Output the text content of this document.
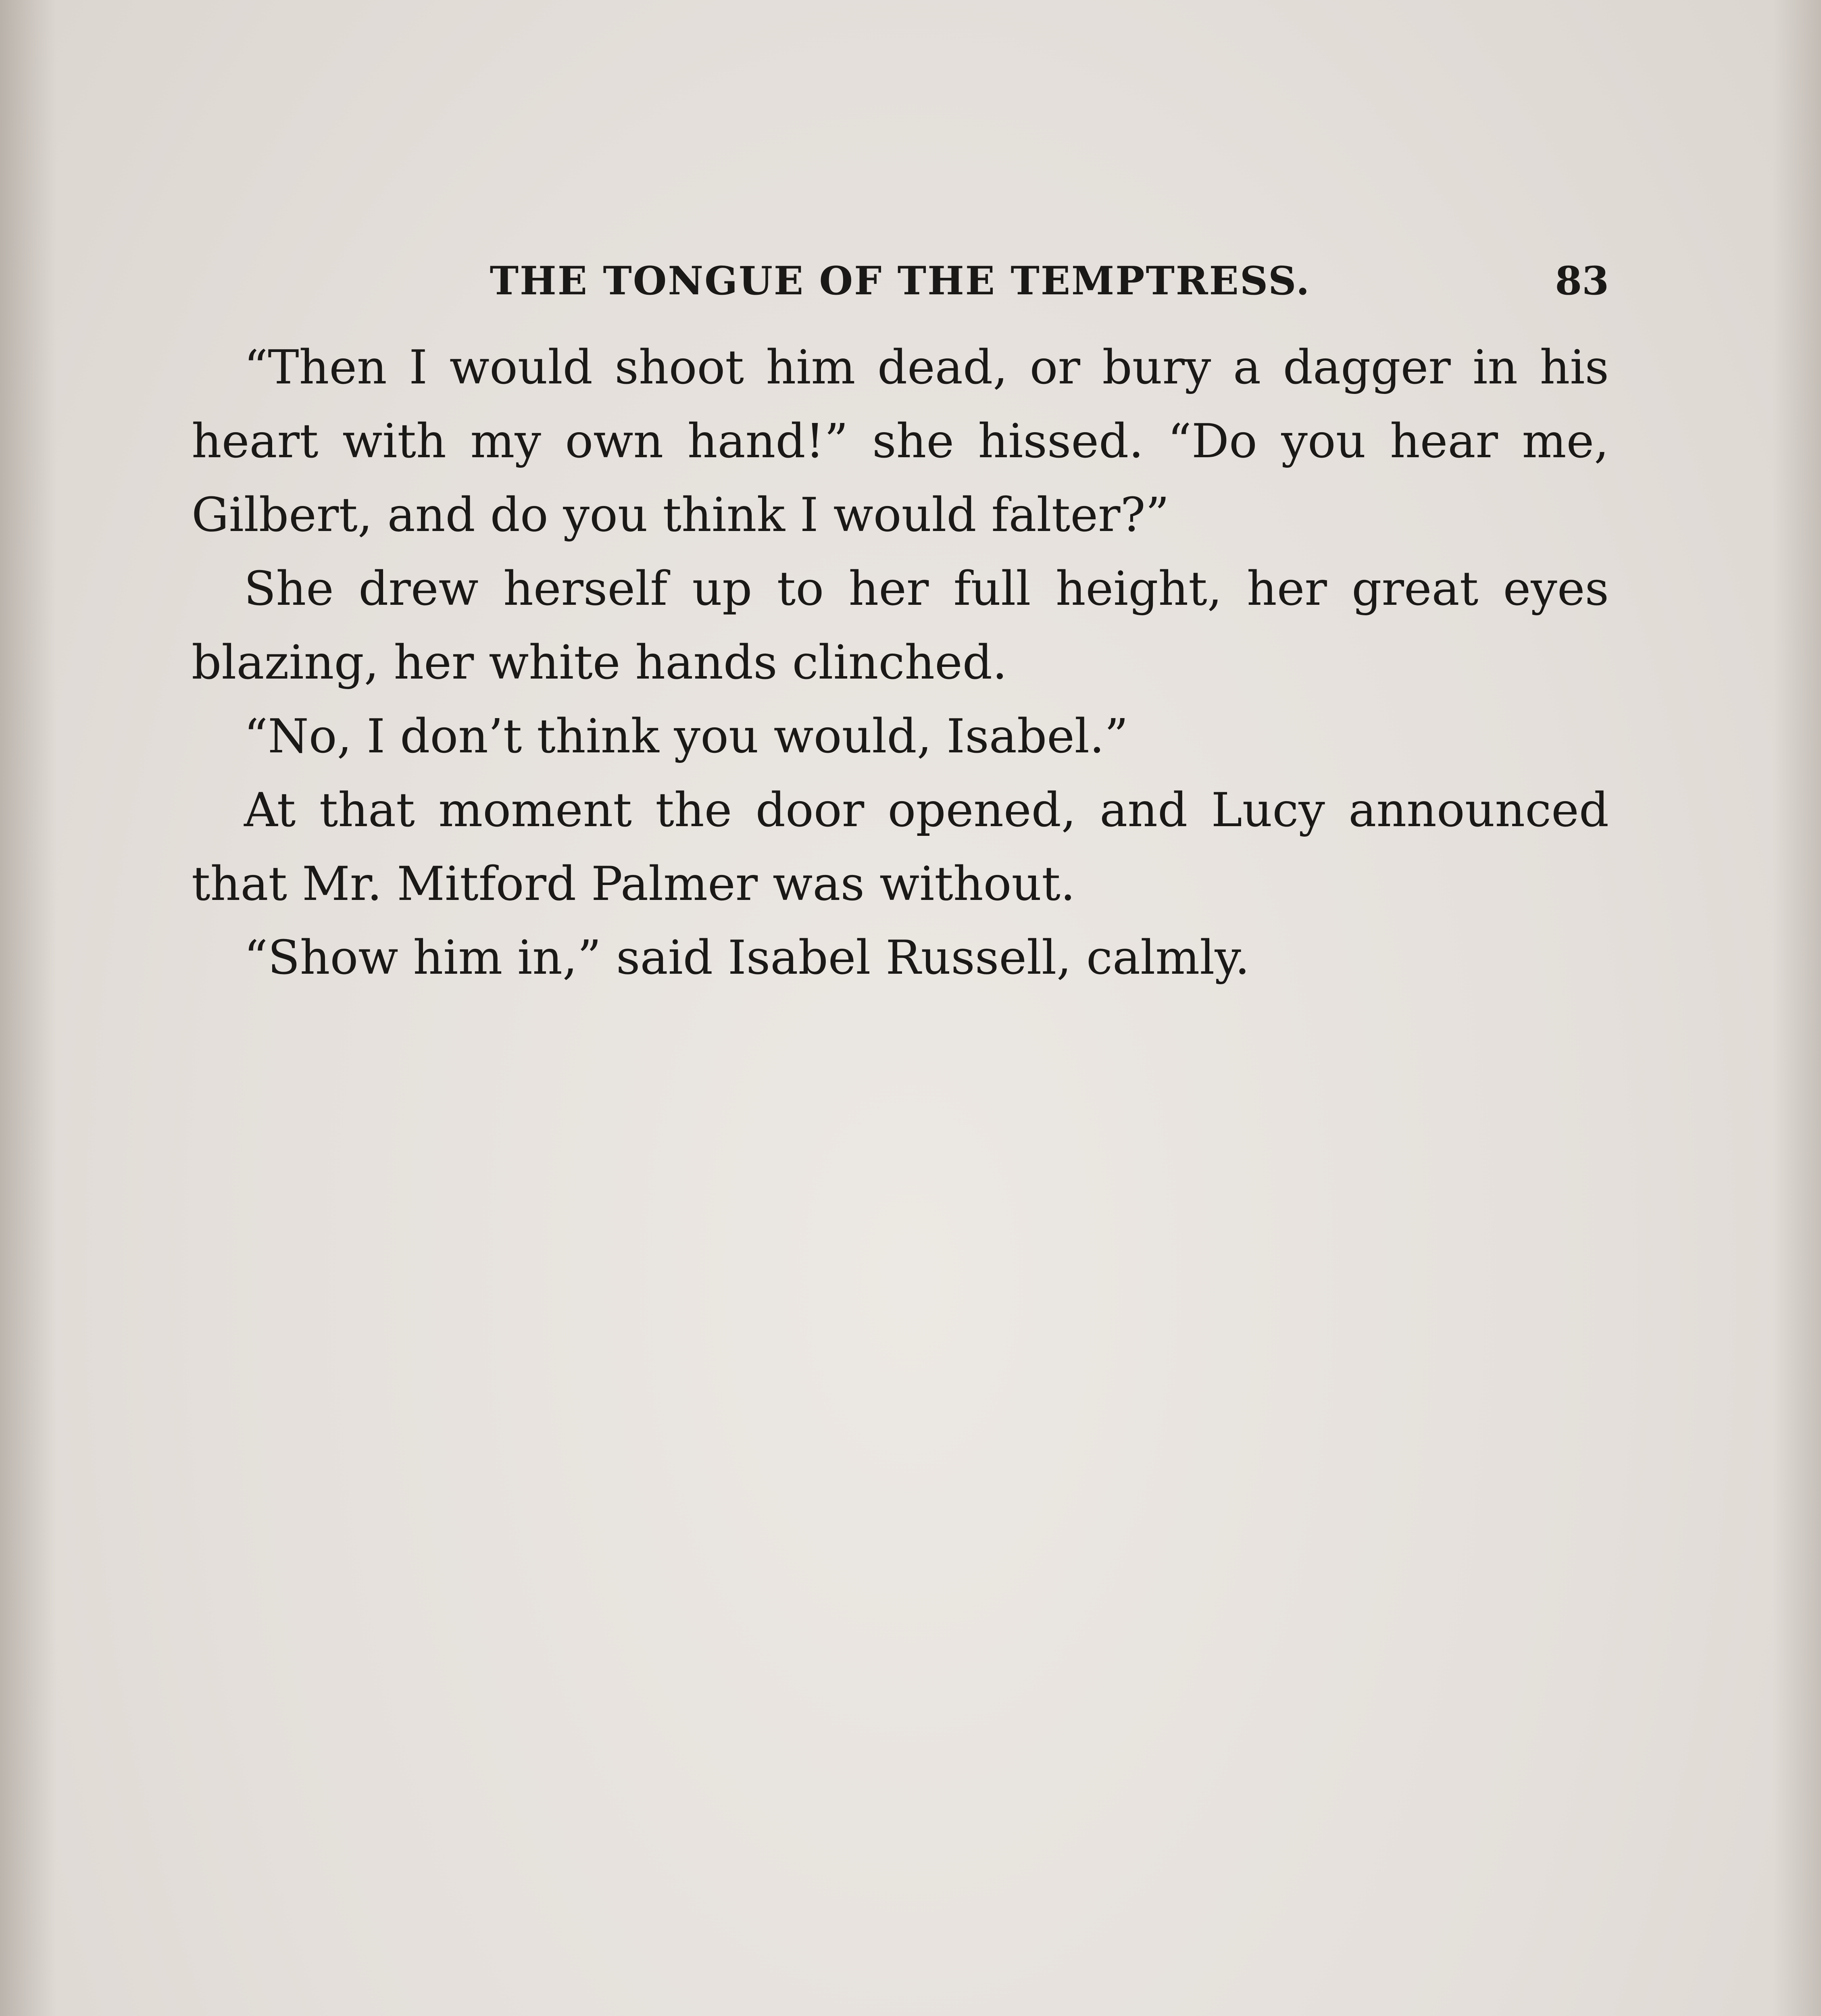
THE TONGUE OF THE TEMPTRESS.	83

“Then I would shoot him dead, or bury a dagger in his heart with my own hand!” she hissed. “Do you hear me, Gilbert, and do you think I would falter?”

She drew herself up to her full height, her great eyes blazing, her white hands clinched.

“No, I don’t think you would, Isabel.”

At that moment the door opened, and Lucy announced that Mr. Mitford Palmer was without.

“Show him in,” said Isabel Russell, calmly.
